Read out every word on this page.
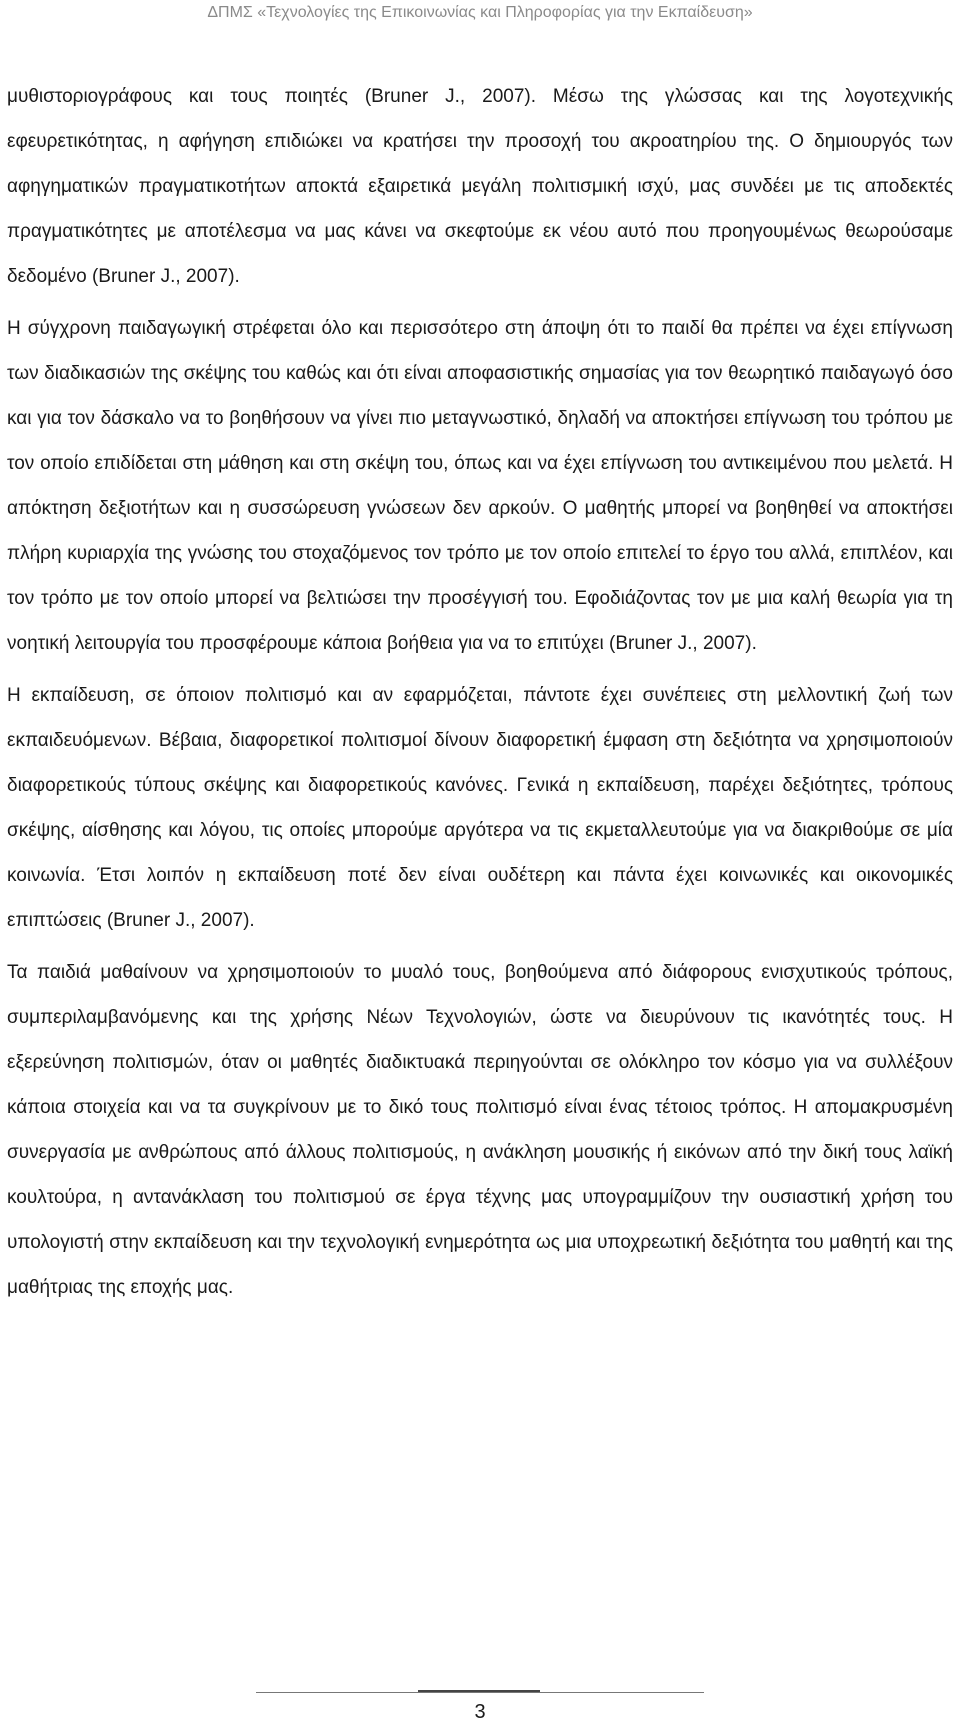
ΔΠΜΣ «Τεχνολογίες της Επικοινωνίας και Πληροφορίας για την Εκπαίδευση»

μυθιστοριογράφους και τους ποιητές (Bruner J., 2007). Μέσω της γλώσσας και της λογοτεχνικής εφευρετικότητας, η αφήγηση επιδιώκει να κρατήσει την προσοχή του ακροατηρίου της. Ο δημιουργός των αφηγηματικών πραγματικοτήτων αποκτά εξαιρετικά μεγάλη πολιτισμική ισχύ, μας συνδέει με τις αποδεκτές πραγματικότητες με αποτέλεσμα να μας κάνει να σκεφτούμε εκ νέου αυτό που προηγουμένως θεωρούσαμε δεδομένο (Bruner J., 2007).

Η σύγχρονη παιδαγωγική στρέφεται όλο και περισσότερο στη άποψη ότι το παιδί θα πρέπει να έχει επίγνωση των διαδικασιών της σκέψης του καθώς και ότι είναι αποφασιστικής σημασίας για τον θεωρητικό παιδαγωγό όσο και για τον δάσκαλο να το βοηθήσουν να γίνει πιο μεταγνωστικό, δηλαδή να αποκτήσει επίγνωση του τρόπου με τον οποίο επιδίδεται στη μάθηση και στη σκέψη του, όπως και να έχει επίγνωση του αντικειμένου που μελετά. Η απόκτηση δεξιοτήτων και η συσσώρευση γνώσεων δεν αρκούν. Ο μαθητής μπορεί να βοηθηθεί να αποκτήσει πλήρη κυριαρχία της γνώσης του στοχαζόμενος τον τρόπο με τον οποίο επιτελεί το έργο του αλλά, επιπλέον, και τον τρόπο με τον οποίο μπορεί να βελτιώσει την προσέγγισή του. Εφοδιάζοντας τον με μια καλή θεωρία για τη νοητική λειτουργία του προσφέρουμε κάποια βοήθεια για να το επιτύχει (Bruner J., 2007).

Η εκπαίδευση, σε όποιον πολιτισμό και αν εφαρμόζεται, πάντοτε έχει συνέπειες στη μελλοντική ζωή των εκπαιδευόμενων. Βέβαια, διαφορετικοί πολιτισμοί δίνουν διαφορετική έμφαση στη δεξιότητα να χρησιμοποιούν διαφορετικούς τύπους σκέψης και διαφορετικούς κανόνες. Γενικά η εκπαίδευση, παρέχει δεξιότητες, τρόπους σκέψης, αίσθησης και λόγου, τις οποίες μπορούμε αργότερα να τις εκμεταλλευτούμε για να διακριθούμε σε μία κοινωνία. Έτσι λοιπόν η εκπαίδευση ποτέ δεν είναι ουδέτερη και πάντα έχει κοινωνικές και οικονομικές επιπτώσεις (Bruner J., 2007).

Τα παιδιά μαθαίνουν να χρησιμοποιούν το μυαλό τους, βοηθούμενα από διάφορους ενισχυτικούς τρόπους, συμπεριλαμβανόμενης και της χρήσης Νέων Τεχνολογιών, ώστε να διευρύνουν τις ικανότητές τους. Η εξερεύνηση πολιτισμών, όταν οι μαθητές διαδικτυακά περιηγούνται σε ολόκληρο τον κόσμο για να συλλέξουν κάποια στοιχεία και να τα συγκρίνουν με το δικό τους πολιτισμό είναι ένας τέτοιος τρόπος. Η απομακρυσμένη συνεργασία με ανθρώπους από άλλους πολιτισμούς, η ανάκληση μουσικής ή εικόνων από την δική τους λαϊκή κουλτούρα, η αντανάκλαση του πολιτισμού σε έργα τέχνης μας υπογραμμίζουν την ουσιαστική χρήση του υπολογιστή στην εκπαίδευση και την τεχνολογική ενημερότητα ως μια υποχρεωτική δεξιότητα του μαθητή και της μαθήτριας της εποχής μας.

3
